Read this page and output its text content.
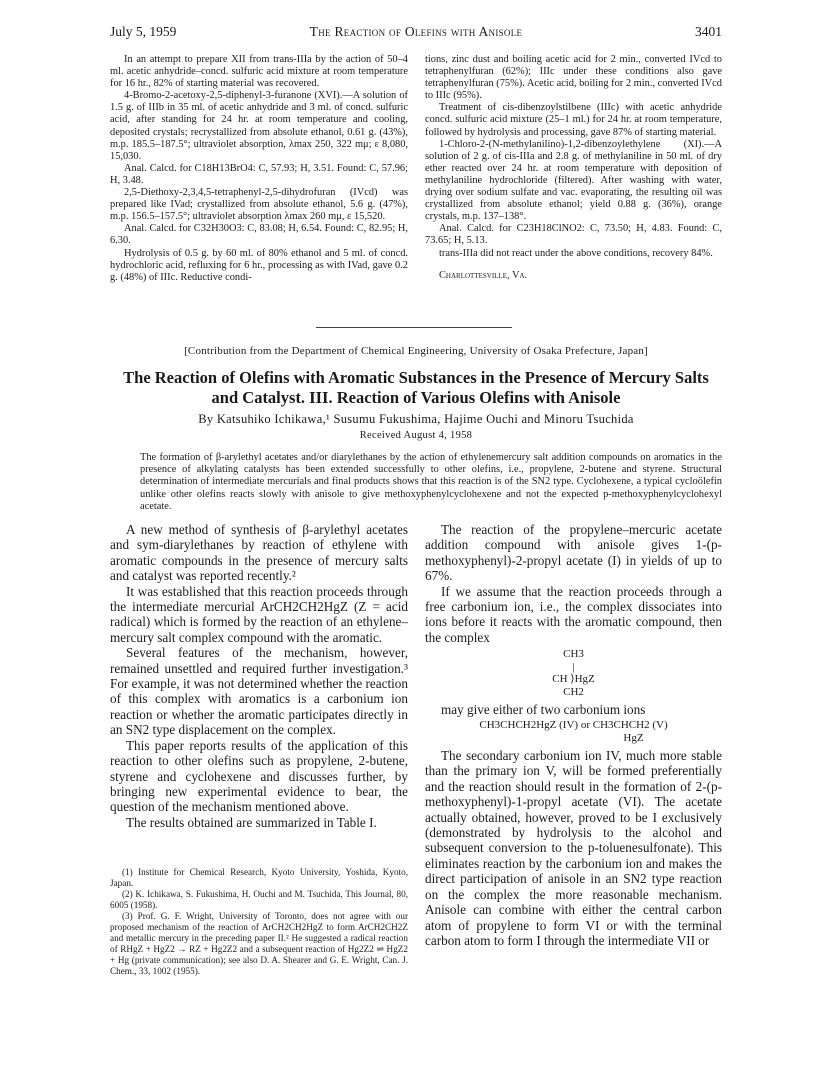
July 5, 1959	The Reaction of Olefins with Anisole	3401

In an attempt to prepare XII from trans-IIIa by the action of 50–4 ml. acetic anhydride–concd. sulfuric acid mixture at room temperature for 16 hr., 82% of starting material was recovered.

4-Bromo-2-acetoxy-2,5-diphenyl-3-furanone (XVI).—A solution of 1.5 g. of IIIb in 35 ml. of acetic anhydride and 3 ml. of concd. sulfuric acid, after standing for 24 hr. at room temperature and cooling, deposited crystals; recrystallized from absolute ethanol, 0.61 g. (43%), m.p. 185.5–187.5°; ultraviolet absorption, λmax 250, 322 mμ; ε 8,080, 15,030.

Anal. Calcd. for C18H13BrO4: C, 57.93; H, 3.51. Found: C, 57.96; H, 3.48.

2,5-Diethoxy-2,3,4,5-tetraphenyl-2,5-dihydrofuran (IVcd) was prepared like IVad; crystallized from absolute ethanol, 5.6 g. (47%), m.p. 156.5–157.5°; ultraviolet absorption λmax 260 mμ, ε 15,520.

Anal. Calcd. for C32H30O3: C, 83.08; H, 6.54. Found: C, 82.95; H, 6.30.

Hydrolysis of 0.5 g. by 60 ml. of 80% ethanol and 5 ml. of concd. hydrochloric acid, refluxing for 6 hr., processing as with IVad, gave 0.2 g. (48%) of IIIc. Reductive condi-

tions, zinc dust and boiling acetic acid for 2 min., converted IVcd to tetraphenylfuran (62%); IIIc under these conditions also gave tetraphenylfuran (75%). Acetic acid, boiling for 2 min., converted IVcd to IIIc (95%).

Treatment of cis-dibenzoylstilbene (IIIc) with acetic anhydride concd. sulfuric acid mixture (25–1 ml.) for 24 hr. at room temperature, followed by hydrolysis and processing, gave 87% of starting material.

1-Chloro-2-(N-methylanilino)-1,2-dibenzoylethylene (XI).—A solution of 2 g. of cis-IIIa and 2.8 g. of methylaniline in 50 ml. of dry ether reacted over 24 hr. at room temperature with deposition of methylaniline hydrochloride (filtered). After washing with water, drying over sodium sulfate and vac. evaporating, the resulting oil was crystallized from absolute ethanol; yield 0.88 g. (36%), orange crystals, m.p. 137–138°.

Anal. Calcd. for C23H18ClNO2: C, 73.50; H, 4.83. Found: C, 73.65; H, 5.13.

trans-IIIa did not react under the above conditions, recovery 84%.

Charlottesville, Va.

[Contribution from the Department of Chemical Engineering, University of Osaka Prefecture, Japan]
The Reaction of Olefins with Aromatic Substances in the Presence of Mercury Salts and Catalyst. III. Reaction of Various Olefins with Anisole
By Katsuhiko Ichikawa,¹ Susumu Fukushima, Hajime Ouchi and Minoru Tsuchida
Received August 4, 1958
The formation of β-arylethyl acetates and/or diarylethanes by the action of ethylenemercury salt addition compounds on aromatics in the presence of alkylating catalysts has been extended successfully to other olefins, i.e., propylene, 2-butene and styrene. Structural determination of intermediate mercurials and final products shows that this reaction is of the SN2 type. Cyclohexene, a typical cycloölefin unlike other olefins reacts slowly with anisole to give methoxyphenylcyclohexene and not the expected p-methoxyphenylcyclohexyl acetate.

A new method of synthesis of β-arylethyl acetates and sym-diarylethanes by reaction of ethylene with aromatic compounds in the presence of mercury salts and catalyst was reported recently.²

It was established that this reaction proceeds through the intermediate mercurial ArCH2CH2HgZ (Z = acid radical) which is formed by the reaction of an ethylene–mercury salt complex compound with the aromatic.

Several features of the mechanism, however, remained unsettled and required further investigation.³ For example, it was not determined whether the reaction of this complex with aromatics is a carbonium ion reaction or whether the aromatic participates directly in an SN2 type displacement on the complex.

This paper reports results of the application of this reaction to other olefins such as propylene, 2-butene, styrene and cyclohexene and discusses further, by bringing new experimental evidence to bear, the question of the mechanism mentioned above.

The results obtained are summarized in Table I.

(1) Institute for Chemical Research, Kyoto University, Yoshida, Kyoto, Japan.

(2) K. Ichikawa, S. Fukushima, H. Ouchi and M. Tsuchida, This Journal, 80, 6005 (1958).

(3) Prof. G. F. Wright, University of Toronto, does not agree with our proposed mechanism of the reaction of ArCH2CH2HgZ to form ArCH2CH2Z and metallic mercury in the preceding paper II.² He suggested a radical reaction of RHgZ + HgZ2 → RZ + Hg2Z2 and a subsequent reaction of Hg2Z2 ⇌ HgZ2 + Hg (private communication); see also D. A. Shearer and G. E. Wright, Can. J. Chem., 33, 1002 (1955).

The reaction of the propylene–mercuric acetate addition compound with anisole gives 1-(p-methoxyphenyl)-2-propyl acetate (I) in yields of up to 67%.

If we assume that the reaction proceeds through a free carbonium ion, i.e., the complex dissociates into ions before it reacts with the aromatic compound, then the complex

CH3
|
CH ⟩HgZ
CH2

may give either of two carbonium ions

CH3CHCH2HgZ (IV) or CH3CHCH2 (V)
HgZ

The secondary carbonium ion IV, much more stable than the primary ion V, will be formed preferentially and the reaction should result in the formation of 2-(p-methoxyphenyl)-1-propyl acetate (VI). The acetate actually obtained, however, proved to be I exclusively (demonstrated by hydrolysis to the alcohol and subsequent conversion to the p-toluenesulfonate). This eliminates reaction by the carbonium ion and makes the direct participation of anisole in an SN2 type reaction on the complex the more reasonable mechanism. Anisole can combine with either the central carbon atom of propylene to form VI or with the terminal carbon atom to form I through the intermediate VII or
